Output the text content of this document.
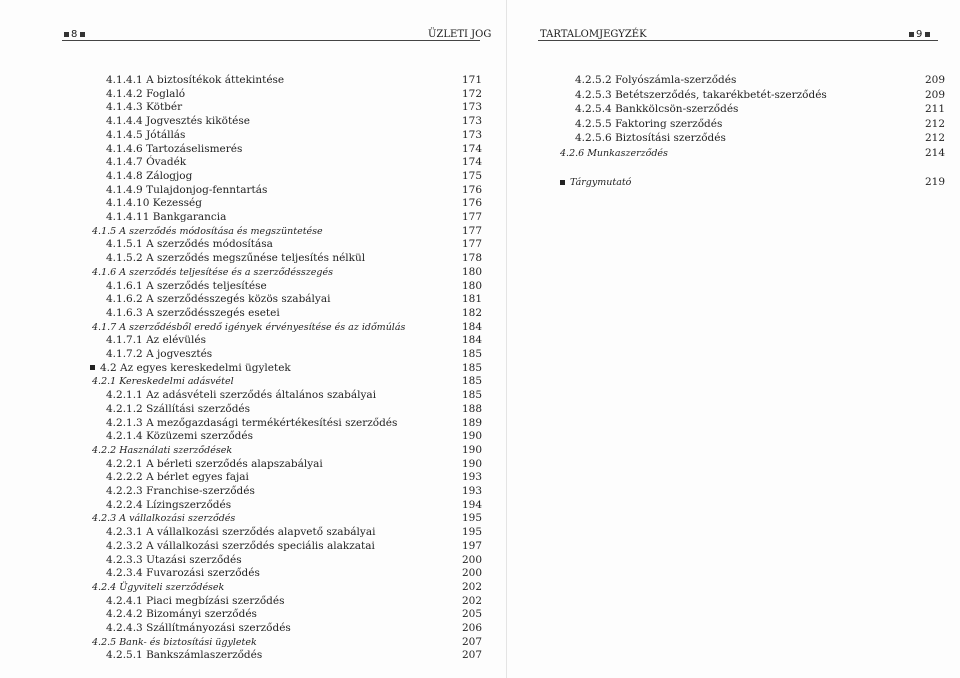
8	ÜZLETI JOG	TARTALOMJEGYZÉK	9
4.1.4.1 A biztosítékok áttekintése	171
4.1.4.2 Foglaló	172
4.1.4.3 Kötbér	173
4.1.4.4 Jogvesztés kikötése	173
4.1.4.5 Jótállás	173
4.1.4.6 Tartozáselismerés	174
4.1.4.7 Óvadék	174
4.1.4.8 Zálogjog	175
4.1.4.9 Tulajdonjog-fenntartás	176
4.1.4.10 Kezesség	176
4.1.4.11 Bankgarancia	177
4.1.5 A szerződés módosítása és megszüntetése	177
4.1.5.1 A szerződés módosítása	177
4.1.5.2 A szerződés megszűnése teljesítés nélkül	178
4.1.6 A szerződés teljesítése és a szerződésszegés	180
4.1.6.1 A szerződés teljesítése	180
4.1.6.2 A szerződésszegés közös szabályai	181
4.1.6.3 A szerződésszegés esetei	182
4.1.7 A szerződésből eredő igények érvényesítése és az időmúlás	184
4.1.7.1 Az elévülés	184
4.1.7.2 A jogvesztés	185
4.2 Az egyes kereskedelmi ügyletek	185
4.2.1 Kereskedelmi adásvétel	185
4.2.1.1 Az adásvételi szerződés általános szabályai	185
4.2.1.2 Szállítási szerződés	188
4.2.1.3 A mezőgazdasági termékértékesítési szerződés	189
4.2.1.4 Közüzemi szerződés	190
4.2.2 Használati szerződések	190
4.2.2.1 A bérleti szerződés alapszabályai	190
4.2.2.2 A bérlet egyes fajai	193
4.2.2.3 Franchise-szerződés	193
4.2.2.4 Lízingszerződés	194
4.2.3 A vállalkozási szerződés	195
4.2.3.1 A vállalkozási szerződés alapvető szabályai	195
4.2.3.2 A vállalkozási szerződés speciális alakzatai	197
4.2.3.3 Utazási szerződés	200
4.2.3.4 Fuvarozási szerződés	200
4.2.4 Ügyviteli szerződések	202
4.2.4.1 Piaci megbízási szerződés	202
4.2.4.2 Bizományi szerződés	205
4.2.4.3 Szállítmányozási szerződés	206
4.2.5 Bank- és biztosítási ügyletek	207
4.2.5.1 Bankszámlaszerződés	207
4.2.5.2 Folyószámla-szerződés	209
4.2.5.3 Betétszerződés, takarékbetét-szerződés	209
4.2.5.4 Bankkölcsön-szerződés	211
4.2.5.5 Faktoring szerződés	212
4.2.5.6 Biztosítási szerződés	212
4.2.6 Munkaszerződés	214
Tárgymutató	219
